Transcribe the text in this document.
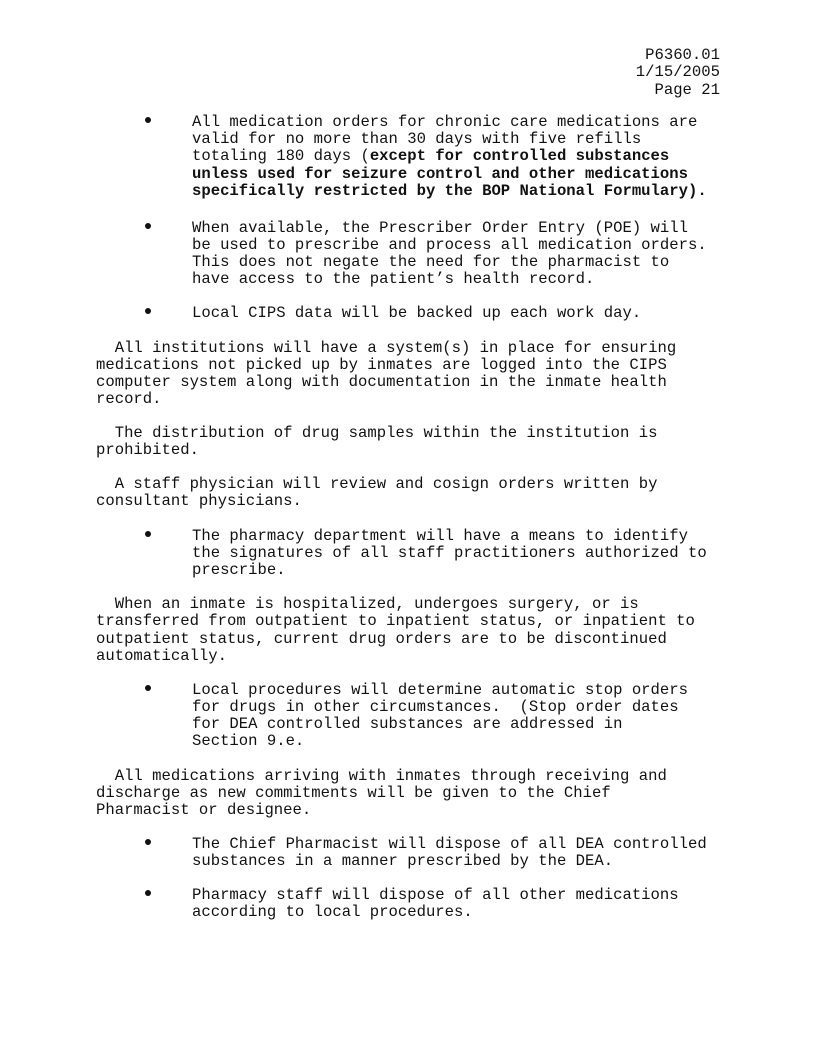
P6360.01
1/15/2005
Page 21
All medication orders for chronic care medications are
valid for no more than 30 days with five refills
totaling 180 days (except for controlled substances
unless used for seizure control and other medications
specifically restricted by the BOP National Formulary).
When available, the Prescriber Order Entry (POE) will
be used to prescribe and process all medication orders.
This does not negate the need for the pharmacist to
have access to the patient’s health record.
Local CIPS data will be backed up each work day.
All institutions will have a system(s) in place for ensuring
medications not picked up by inmates are logged into the CIPS
computer system along with documentation in the inmate health
record.
The distribution of drug samples within the institution is
prohibited.
A staff physician will review and cosign orders written by
consultant physicians.
The pharmacy department will have a means to identify
the signatures of all staff practitioners authorized to
prescribe.
When an inmate is hospitalized, undergoes surgery, or is
transferred from outpatient to inpatient status, or inpatient to
outpatient status, current drug orders are to be discontinued
automatically.
Local procedures will determine automatic stop orders
for drugs in other circumstances.  (Stop order dates
for DEA controlled substances are addressed in
Section 9.e.
All medications arriving with inmates through receiving and
discharge as new commitments will be given to the Chief
Pharmacist or designee.
The Chief Pharmacist will dispose of all DEA controlled
substances in a manner prescribed by the DEA.
Pharmacy staff will dispose of all other medications
according to local procedures.
